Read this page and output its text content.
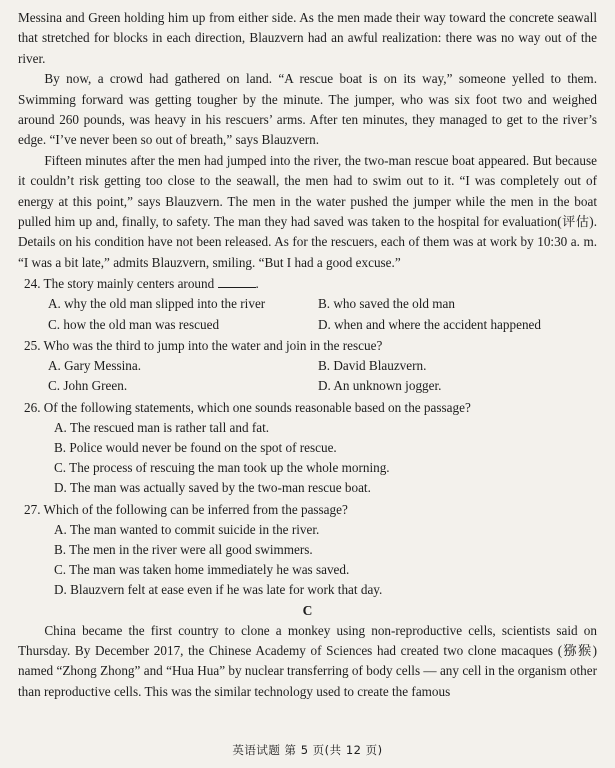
Messina and Green holding him up from either side. As the men made their way toward the concrete seawall that stretched for blocks in each direction, Blauzvern had an awful realization: there was no way out of the river.

By now, a crowd had gathered on land. “A rescue boat is on its way,” someone yelled to them. Swimming forward was getting tougher by the minute. The jumper, who was six foot two and weighed around 260 pounds, was heavy in his rescuers’ arms. After ten minutes, they managed to get to the river’s edge. “I’ve never been so out of breath,” says Blauzvern.

Fifteen minutes after the men had jumped into the river, the two-man rescue boat appeared. But because it couldn’t risk getting too close to the seawall, the men had to swim out to it. “I was completely out of energy at this point,” says Blauzvern. The men in the water pushed the jumper while the men in the boat pulled him up and, finally, to safety. The man they had saved was taken to the hospital for evaluation(评估). Details on his condition have not been released. As for the rescuers, each of them was at work by 10:30 a. m. “I was a bit late,” admits Blauzvern, smiling. “But I had a good excuse.”

24. The story mainly centers around	.

A. why the old man slipped into the river	B. who saved the old man
C. how the old man was rescued	D. when and where the accident happened

25. Who was the third to jump into the water and join in the rescue?

A. Gary Messina.	B. David Blauzvern.
C. John Green.	D. An unknown jogger.

26. Of the following statements, which one sounds reasonable based on the passage?

A. The rescued man is rather tall and fat.
B. Police would never be found on the spot of rescue.
C. The process of rescuing the man took up the whole morning.
D. The man was actually saved by the two-man rescue boat.

27. Which of the following can be inferred from the passage?

A. The man wanted to commit suicide in the river.
B. The men in the river were all good swimmers.
C. The man was taken home immediately he was saved.
D. Blauzvern felt at ease even if he was late for work that day.

C

China became the first country to clone a monkey using non-reproductive cells, scientists said on Thursday. By December 2017, the Chinese Academy of Sciences had created two clone macaques (猕猴) named “Zhong Zhong” and “Hua Hua” by nuclear transferring of body cells — any cell in the organism other than reproductive cells. This was the similar technology used to create the famous

英语试题 第 5 页(共 12 页)
